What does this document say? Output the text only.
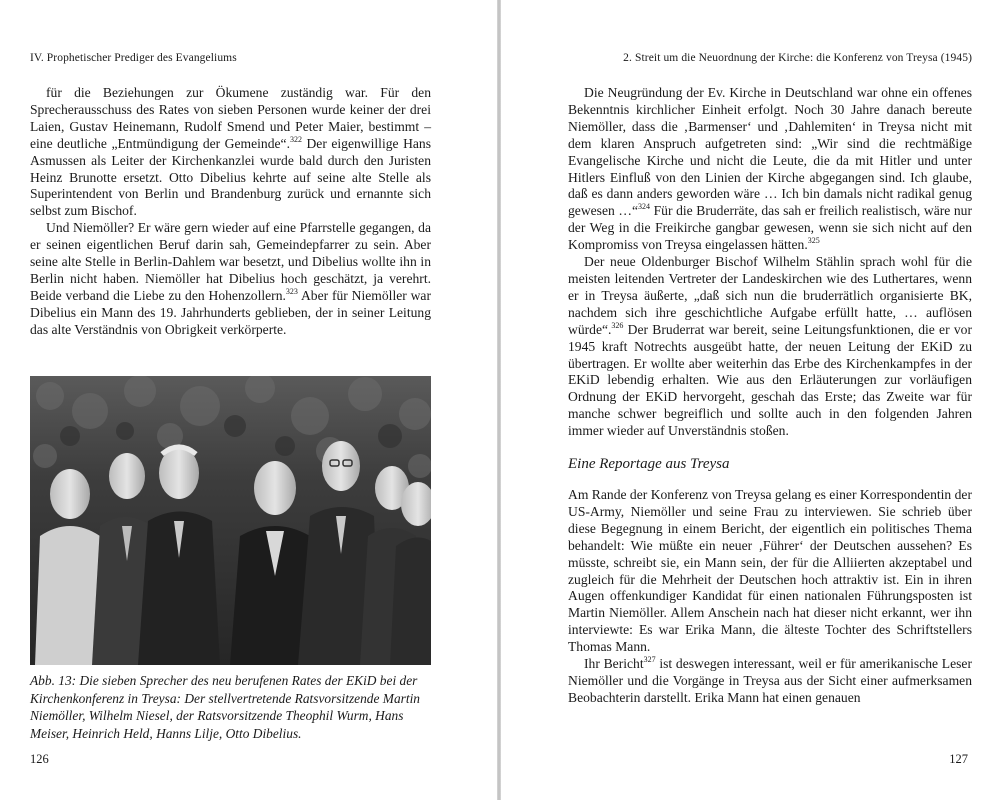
IV. Prophetischer Prediger des Evangeliums

für die Beziehungen zur Ökumene zuständig war. Für den Sprecherausschuss des Rates von sieben Personen wurde keiner der drei Laien, Gustav Heinemann, Rudolf Smend und Peter Maier, bestimmt – eine deutliche „Entmündigung der Gemeinde“.$^{322}$ Der eigenwillige Hans Asmussen als Leiter der Kirchenkanzlei wurde bald durch den Juristen Heinz Brunotte ersetzt. Otto Dibelius kehrte auf seine alte Stelle als Superintendent von Berlin und Brandenburg zurück und ernannte sich selbst zum Bischof.

Und Niemöller? Er wäre gern wieder auf eine Pfarrstelle gegangen, da er seinen eigentlichen Beruf darin sah, Gemeindepfarrer zu sein. Aber seine alte Stelle in Berlin-Dahlem war besetzt, und Dibelius wollte ihn in Berlin nicht haben. Niemöller hat Dibelius hoch geschätzt, ja verehrt. Beide verband die Liebe zu den Hohenzollern.$^{323}$ Aber für Niemöller war Dibelius ein Mann des 19. Jahrhunderts geblieben, der in seiner Leitung das alte Verständnis von Obrigkeit verkörperte.

Abb. 13: Die sieben Sprecher des neu berufenen Rates der EKiD bei der Kirchenkonferenz in Treysa: Der stellvertretende Ratsvorsitzende Martin Niemöller, Wilhelm Niesel, der Ratsvorsitzende Theophil Wurm, Hans Meiser, Heinrich Held, Hanns Lilje, Otto Dibelius.
126
2. Streit um die Neuordnung der Kirche: die Konferenz von Treysa (1945)

Die Neugründung der Ev. Kirche in Deutschland war ohne ein offenes Bekenntnis kirchlicher Einheit erfolgt. Noch 30 Jahre danach bereute Niemöller, dass die ‚Barmenser‘ und ‚Dahlemiten‘ in Treysa nicht mit dem klaren Anspruch aufgetreten sind: „Wir sind die rechtmäßige Evangelische Kirche und nicht die Leute, die da mit Hitler und unter Hitlers Einfluß von den Linien der Kirche abgegangen sind. Ich glaube, daß es dann anders geworden wäre … Ich bin damals nicht radikal genug gewesen …“$^{324}$ Für die Bruderräte, das sah er freilich realistisch, wäre nur der Weg in die Freikirche gangbar gewesen, wenn sie sich nicht auf den Kompromiss von Treysa eingelassen hätten.$^{325}$

Der neue Oldenburger Bischof Wilhelm Stählin sprach wohl für die meisten leitenden Vertreter der Landeskirchen wie des Luthertares, wenn er in Treysa äußerte, „daß sich nun die bruderrätlich organisierte BK, nachdem sich ihre geschichtliche Aufgabe erfüllt hatte, … auflösen würde“.$^{326}$ Der Bruderrat war bereit, seine Leitungsfunktionen, die er vor 1945 kraft Notrechts ausgeübt hatte, der neuen Leitung der EKiD zu übertragen. Er wollte aber weiterhin das Erbe des Kirchenkampfes in der EKiD lebendig erhalten. Wie aus den Erläuterungen zur vorläufigen Ordnung der EKiD hervorgeht, geschah das Erste; das Zweite war für manche schwer begreiflich und sollte auch in den folgenden Jahren immer wieder auf Unverständnis stoßen.

Eine Reportage aus Treysa

Am Rande der Konferenz von Treysa gelang es einer Korrespondentin der US-Army, Niemöller und seine Frau zu interviewen. Sie schrieb über diese Begegnung in einem Bericht, der eigentlich ein politisches Thema behandelt: Wie müßte ein neuer ‚Führer‘ der Deutschen aussehen? Es müsste, schreibt sie, ein Mann sein, der für die Alliierten akzeptabel und zugleich für die Mehrheit der Deutschen hoch attraktiv ist. Ein in ihren Augen offenkundiger Kandidat für einen nationalen Führungsposten ist Martin Niemöller. Allem Anschein nach hat dieser nicht erkannt, wer ihn interviewte: Es war Erika Mann, die älteste Tochter des Schriftstellers Thomas Mann.

Ihr Bericht$^{327}$ ist deswegen interessant, weil er für amerikanische Leser Niemöller und die Vorgänge in Treysa aus der Sicht einer aufmerksamen Beobachterin darstellt. Erika Mann hat einen genauen

127
